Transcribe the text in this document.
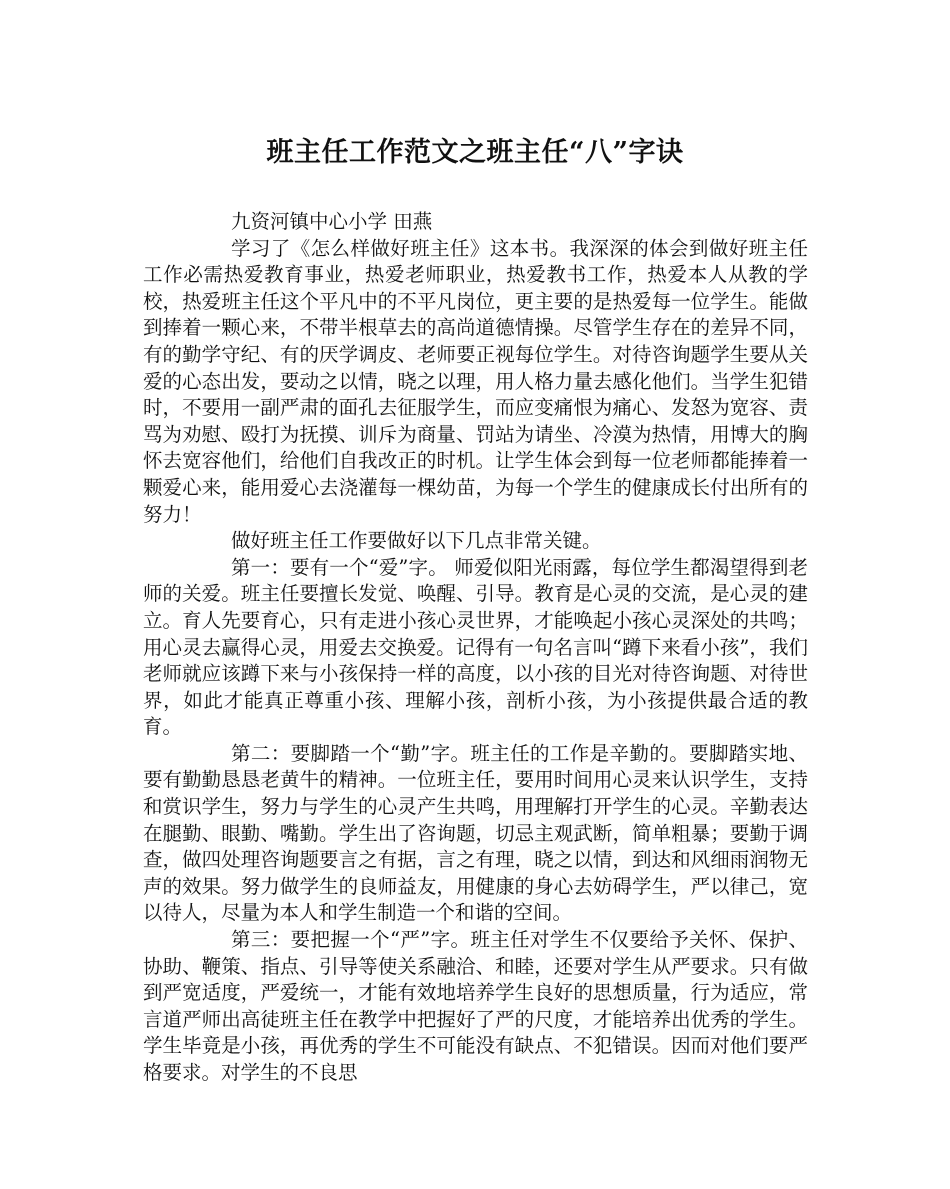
班主任工作范文之班主任“八”字诀

九资河镇中心小学 田燕

学习了《怎么样做好班主任》这本书。我深深的体会到做好班主任工作必需热爱教育事业，热爱老师职业，热爱教书工作，热爱本人从教的学校，热爱班主任这个平凡中的不平凡岗位，更主要的是热爱每一位学生。能做到捧着一颗心来，不带半根草去的高尚道德情操。尽管学生存在的差异不同，有的勤学守纪、有的厌学调皮、老师要正视每位学生。对待咨询题学生要从关爱的心态出发，要动之以情，晓之以理，用人格力量去感化他们。当学生犯错时，不要用一副严肃的面孔去征服学生，而应变痛恨为痛心、发怒为宽容、责骂为劝慰、殴打为抚摸、训斥为商量、罚站为请坐、冷漠为热情，用博大的胸怀去宽容他们，给他们自我改正的时机。让学生体会到每一位老师都能捧着一颗爱心来，能用爱心去浇灌每一棵幼苗，为每一个学生的健康成长付出所有的努力！

做好班主任工作要做好以下几点非常关键。

第一：要有一个“爱”字。 师爱似阳光雨露，每位学生都渴望得到老师的关爱。班主任要擅长发觉、唤醒、引导。教育是心灵的交流，是心灵的建立。育人先要育心，只有走进小孩心灵世界，才能唤起小孩心灵深处的共鸣；用心灵去赢得心灵，用爱去交换爱。记得有一句名言叫“蹲下来看小孩”，我们老师就应该蹲下来与小孩保持一样的高度，以小孩的目光对待咨询题、对待世界，如此才能真正尊重小孩、理解小孩，剖析小孩，为小孩提供最合适的教育。

第二：要脚踏一个“勤”字。班主任的工作是辛勤的。要脚踏实地、要有勤勤恳恳老黄牛的精神。一位班主任，要用时间用心灵来认识学生，支持和赏识学生，努力与学生的心灵产生共鸣，用理解打开学生的心灵。辛勤表达在腿勤、眼勤、嘴勤。学生出了咨询题，切忌主观武断，简单粗暴；要勤于调查，做四处理咨询题要言之有据，言之有理，晓之以情，到达和风细雨润物无声的效果。努力做学生的良师益友，用健康的身心去妨碍学生，严以律己，宽以待人，尽量为本人和学生制造一个和谐的空间。

第三：要把握一个“严”字。班主任对学生不仅要给予关怀、保护、协助、鞭策、指点、引导等使关系融洽、和睦，还要对学生从严要求。只有做到严宽适度，严爱统一，才能有效地培养学生良好的思想质量，行为适应，常言道严师出高徒班主任在教学中把握好了严的尺度，才能培养出优秀的学生。学生毕竟是小孩，再优秀的学生不可能没有缺点、不犯错误。因而对他们要严格要求。对学生的不良思
